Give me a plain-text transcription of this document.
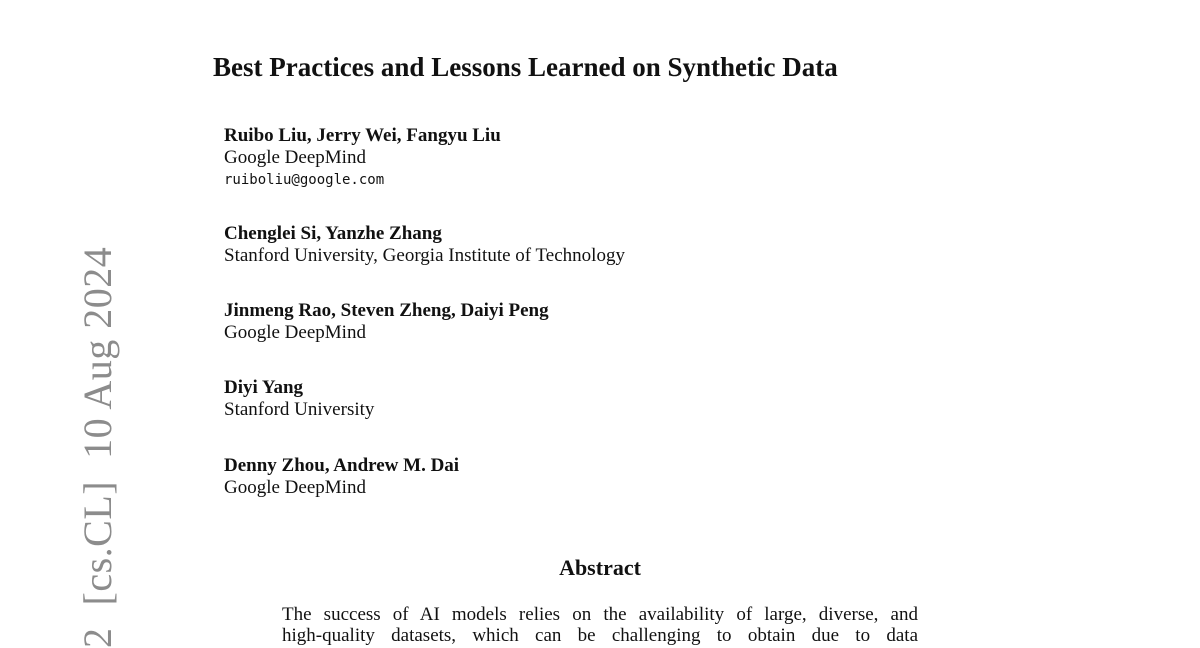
2[cs.CL]10 Aug 2024
Best Practices and Lessons Learned on Synthetic Data
Ruibo Liu, Jerry Wei, Fangyu Liu
Google DeepMind
ruiboliu@google.com
Chenglei Si, Yanzhe Zhang
Stanford University, Georgia Institute of Technology
Jinmeng Rao, Steven Zheng, Daiyi Peng
Google DeepMind
Diyi Yang
Stanford University
Denny Zhou, Andrew M. Dai
Google DeepMind
Abstract
The success of AI models relies on the availability of large, diverse, and
high-quality datasets, which can be challenging to obtain due to data
